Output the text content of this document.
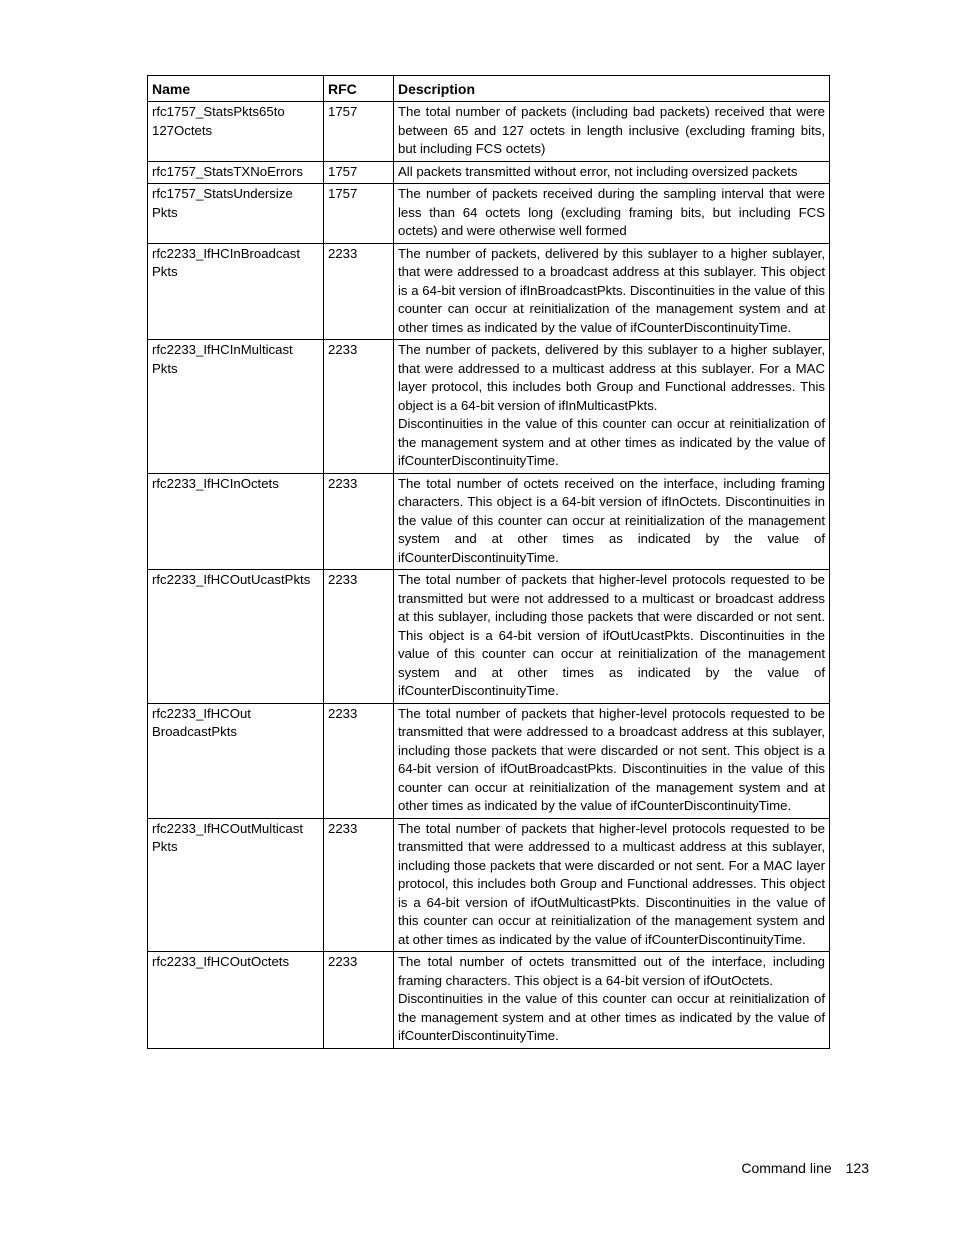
Name	RFC	Description

rfc1757_StatsPkts65to
127Octets	1757	The total number of packets (including bad packets) received that were between 65 and 127 octets in length inclusive (excluding framing bits, but including FCS octets)

rfc1757_StatsTXNoErrors	1757	All packets transmitted without error, not including oversized packets

rfc1757_StatsUndersize
Pkts	1757	The number of packets received during the sampling interval that were less than 64 octets long (excluding framing bits, but including FCS octets) and were otherwise well formed

rfc2233_IfHCInBroadcast
Pkts	2233	The number of packets, delivered by this sublayer to a higher sublayer, that were addressed to a broadcast address at this sublayer. This object is a 64-bit version of ifInBroadcastPkts. Discontinuities in the value of this counter can occur at reinitialization of the management system and at other times as indicated by the value of ifCounterDiscontinuityTime.

rfc2233_IfHCInMulticast
Pkts	2233	The number of packets, delivered by this sublayer to a higher sublayer, that were addressed to a multicast address at this sublayer. For a MAC layer protocol, this includes both Group and Functional addresses. This object is a 64-bit version of ifInMulticastPkts.
Discontinuities in the value of this counter can occur at reinitialization of the management system and at other times as indicated by the value of ifCounterDiscontinuityTime.

rfc2233_IfHCInOctets	2233	The total number of octets received on the interface, including framing characters. This object is a 64-bit version of ifInOctets. Discontinuities in the value of this counter can occur at reinitialization of the management system and at other times as indicated by the value of ifCounterDiscontinuityTime.

rfc2233_IfHCOutUcastPkts	2233	The total number of packets that higher-level protocols requested to be transmitted but were not addressed to a multicast or broadcast address at this sublayer, including those packets that were discarded or not sent. This object is a 64-bit version of ifOutUcastPkts. Discontinuities in the value of this counter can occur at reinitialization of the management system and at other times as indicated by the value of ifCounterDiscontinuityTime.

rfc2233_IfHCOut
BroadcastPkts	2233	The total number of packets that higher-level protocols requested to be transmitted that were addressed to a broadcast address at this sublayer, including those packets that were discarded or not sent. This object is a 64-bit version of ifOutBroadcastPkts. Discontinuities in the value of this counter can occur at reinitialization of the management system and at other times as indicated by the value of ifCounterDiscontinuityTime.

rfc2233_IfHCOutMulticast
Pkts	2233	The total number of packets that higher-level protocols requested to be transmitted that were addressed to a multicast address at this sublayer, including those packets that were discarded or not sent. For a MAC layer protocol, this includes both Group and Functional addresses. This object is a 64-bit version of ifOutMulticastPkts. Discontinuities in the value of this counter can occur at reinitialization of the management system and at other times as indicated by the value of ifCounterDiscontinuityTime.

rfc2233_IfHCOutOctets	2233	The total number of octets transmitted out of the interface, including framing characters. This object is a 64-bit version of ifOutOctets.
Discontinuities in the value of this counter can occur at reinitialization of the management system and at other times as indicated by the value of ifCounterDiscontinuityTime.
Command line 123
